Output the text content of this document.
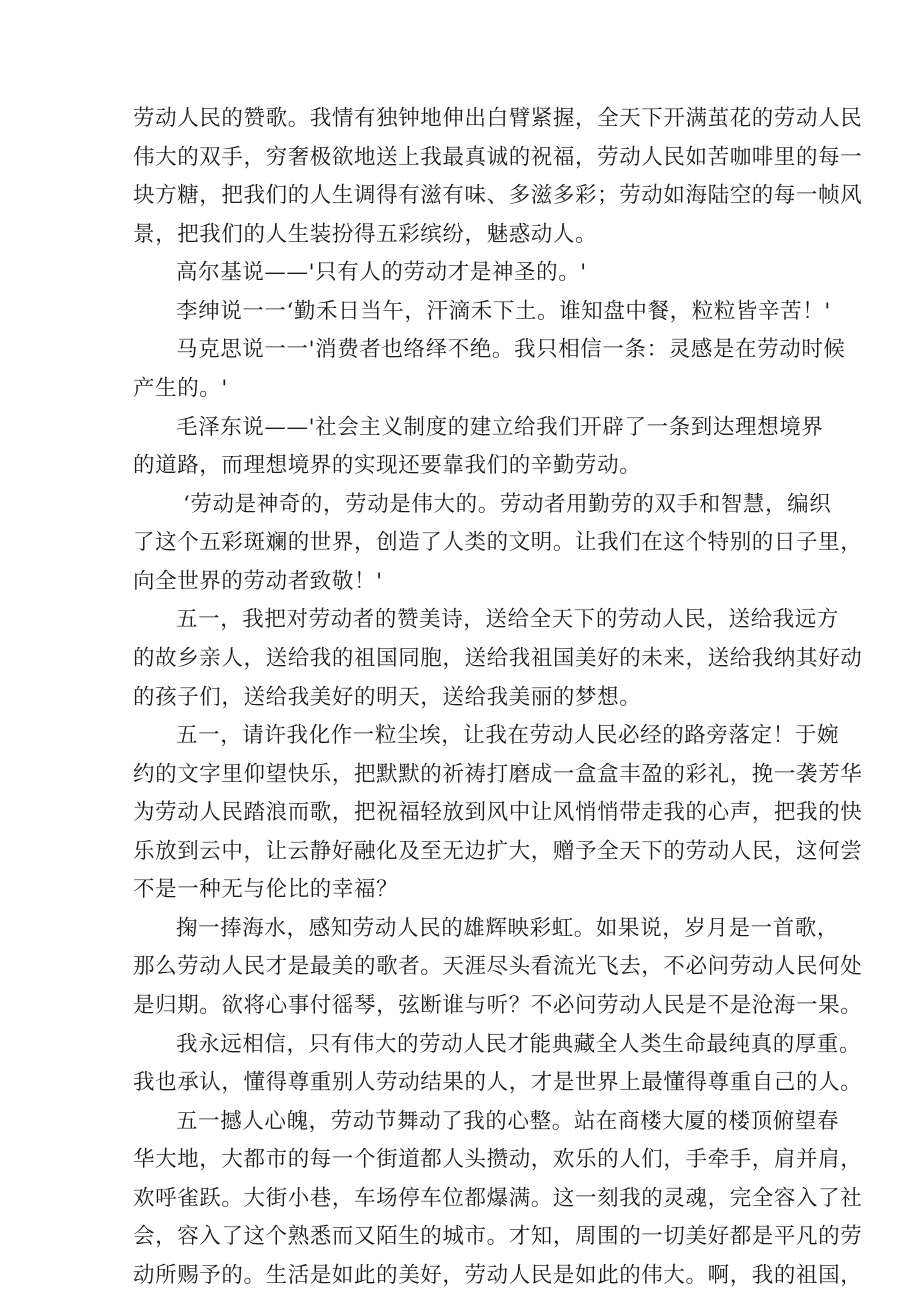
劳动人民的赞歌。我情有独钟地伸出白臂紧握，全天下开满茧花的劳动人民
伟大的双手，穷奢极欲地送上我最真诚的祝福，劳动人民如苦咖啡里的每一
块方糖，把我们的人生调得有滋有味、多滋多彩；劳动如海陆空的每一帧风
景，把我们的人生装扮得五彩缤纷，魅惑动人。
高尔基说——'只有人的劳动才是神圣的。'
李绅说一一‘勤禾日当午，汗滴禾下土。谁知盘中餐，粒粒皆辛苦！'
马克思说一一'消费者也络绎不绝。我只相信一条：灵感是在劳动时候
产生的。'
毛泽东说——'社会主义制度的建立给我们开辟了一条到达理想境界
的道路，而理想境界的实现还要靠我们的辛勤劳动。
‘劳动是神奇的，劳动是伟大的。劳动者用勤劳的双手和智慧，编织
了这个五彩斑斓的世界，创造了人类的文明。让我们在这个特别的日子里，
向全世界的劳动者致敬！'
五一，我把对劳动者的赞美诗，送给全天下的劳动人民，送给我远方
的故乡亲人，送给我的祖国同胞，送给我祖国美好的未来，送给我纳其好动
的孩子们，送给我美好的明天，送给我美丽的梦想。
五一，请许我化作一粒尘埃，让我在劳动人民必经的路旁落定！于婉
约的文字里仰望快乐，把默默的祈祷打磨成一盒盒丰盈的彩礼，挽一袭芳华
为劳动人民踏浪而歌，把祝福轻放到风中让风悄悄带走我的心声，把我的快
乐放到云中，让云静好融化及至无边扩大，赠予全天下的劳动人民，这何尝
不是一种无与伦比的幸福？
掬一捧海水，感知劳动人民的雄辉映彩虹。如果说，岁月是一首歌，
那么劳动人民才是最美的歌者。天涯尽头看流光飞去，不必问劳动人民何处
是归期。欲将心事付徭琴，弦断谁与听？不必问劳动人民是不是沧海一果。
我永远相信，只有伟大的劳动人民才能典藏全人类生命最纯真的厚重。
我也承认，懂得尊重别人劳动结果的人，才是世界上最懂得尊重自己的人。
五一撼人心魄，劳动节舞动了我的心整。站在商楼大厦的楼顶俯望春
华大地，大都市的每一个街道都人头攒动，欢乐的人们，手牵手，肩并肩，
欢呼雀跃。大街小巷，车场停车位都爆满。这一刻我的灵魂，完全容入了社
会，容入了这个熟悉而又陌生的城市。才知，周围的一切美好都是平凡的劳
动所赐予的。生活是如此的美好，劳动人民是如此的伟大。啊，我的祖国，
